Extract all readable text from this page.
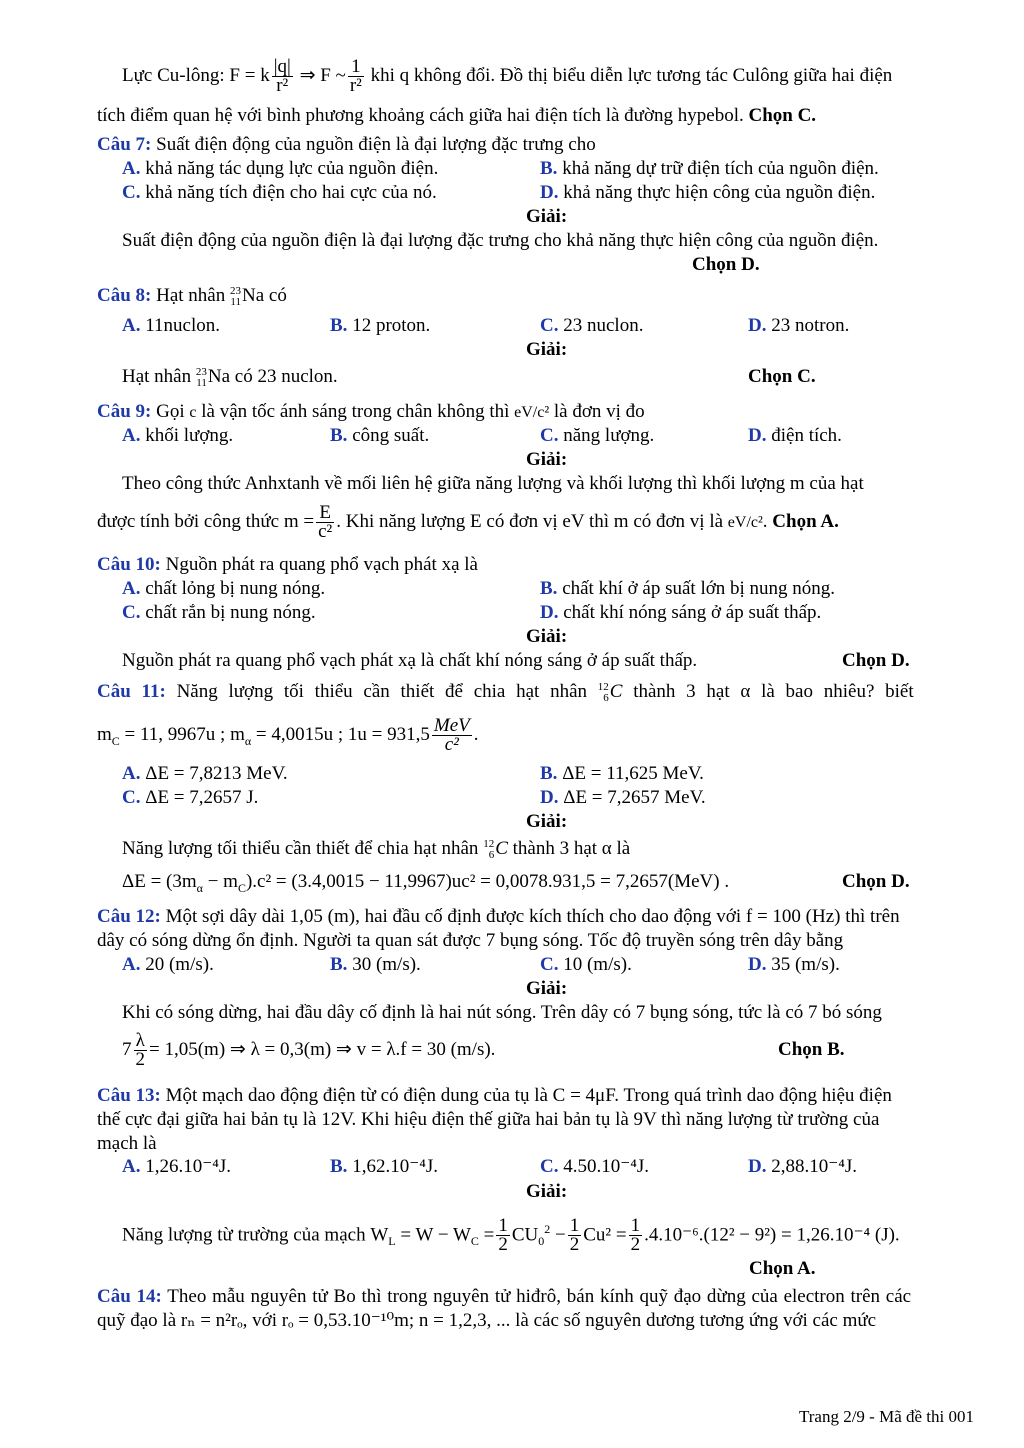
Lực Cu-lông: F = k $\frac{|q|}{\text{r²}}$ ⇒ F ~ $\frac{1}{\text{r²}}$ khi q không đổi. Đồ thị biểu diễn lực tương tác Culông giữa hai điện
tích điểm quan hệ với bình phương khoảng cách giữa hai điện tích là đường hypebol. Chọn C.
Câu 7: Suất điện động của nguồn điện là đại lượng đặc trưng cho
A. khả năng tác dụng lực của nguồn điện.	B. khả năng dự trữ điện tích của nguồn điện.
C. khả năng tích điện cho hai cực của nó.	D. khả năng thực hiện công của nguồn điện.
Giải:
Suất điện động của nguồn điện là đại lượng đặc trưng cho khả năng thực hiện công của nguồn điện.
Chọn D.
Câu 8: Hạt nhân 23
11 Na có
A. 11nuclon.	B. 12 proton.	C. 23 nuclon.	D. 23 notron.
Giải:
Hạt nhân 23
11 Na có 23 nuclon.	Chọn C.
Câu 9: Gọi c là vận tốc ánh sáng trong chân không thì eV/c² là đơn vị đo
A. khối lượng.	B. công suất.	C. năng lượng.	D. điện tích.
Giải:
Theo công thức Anhxtanh về mối liên hệ giữa năng lượng và khối lượng thì khối lượng m của hạt
được tính bởi công thức $m = \frac{E}{\text{c²}}$ . Khi năng lượng E có đơn vị eV thì m có đơn vị là eV/c². Chọn A.
Câu 10: Nguồn phát ra quang phổ vạch phát xạ là
A. chất lỏng bị nung nóng.	B. chất khí ở áp suất lớn bị nung nóng.
C. chất rắn bị nung nóng.	D. chất khí nóng sáng ở áp suất thấp.
Giải:
Nguồn phát ra quang phổ vạch phát xạ là chất khí nóng sáng ở áp suất thấp.	Chọn D.
Câu 11: Năng lượng tối thiểu cần thiết để chia hạt nhân 12
6 C thành 3 hạt α là bao nhiêu? biết
$m_C = 11$, 9967u ; $m_\alpha = 4,0015u$ ; $1u = 931,5 \frac{\text{MeV}}{\text{c²}}$ .
A. ΔE = 7,8213 MeV.	B. ΔE = 11,625 MeV.
C. ΔE = 7,2657 J.	D. ΔE = 7,2657 MeV.
Giải:
Năng lượng tối thiểu cần thiết để chia hạt nhân 12
6 C thành 3 hạt α là
$\Delta E = (3m_\alpha - m_C).c^2 = (3.4,0015 - 11,9967)uc^2 = 0,0078.931,5 = 7,2657(MeV)$ .	Chọn D.
Câu 12: Một sợi dây dài 1,05 (m), hai đầu cố định được kích thích cho dao động với f = 100 (Hz) thì trên
dây có sóng dừng ổn định. Người ta quan sát được 7 bụng sóng. Tốc độ truyền sóng trên dây bằng
A. 20 (m/s).	B. 30 (m/s).	C. 10 (m/s).	D. 35 (m/s).
Giải:
Khi có sóng dừng, hai đầu dây cố định là hai nút sóng. Trên dây có 7 bụng sóng, tức là có 7 bó sóng
$7 \frac{\lambda}{2} = 1,05(m)$ ⇒ λ = 0,3(m) ⇒ v = λ.f = 30 (m/s).	Chọn B.
Câu 13: Một mạch dao động điện từ có điện dung của tụ là C = 4μF. Trong quá trình dao động hiệu điện
thế cực đại giữa hai bản tụ là 12V. Khi hiệu điện thế giữa hai bản tụ là 9V thì năng lượng từ trường của
mạch là
A. 1,26.10⁻⁴J.	B. 1,62.10⁻⁴J.	C. 4.50.10⁻⁴J.	D. 2,88.10⁻⁴J.
Giải:
Năng lượng từ trường của mạch $W_L = W - W_C = \frac{1}{2} CU_0^2 - \frac{1}{2} Cu^2 = \frac{1}{2} .4.10^{-6}.(12^2 - 9^2) = 1,26.10^{-4}$ (J).
Chọn A.
Câu 14: Theo mẫu nguyên tử Bo thì trong nguyên tử hiđrô, bán kính quỹ đạo dừng của electron trên các
quỹ đạo là rₙ = n²rₒ, với rₒ = 0,53.10⁻¹⁰m; n = 1,2,3, ... là các số nguyên dương tương ứng với các mức
Trang 2/9 - Mã đề thi 001
